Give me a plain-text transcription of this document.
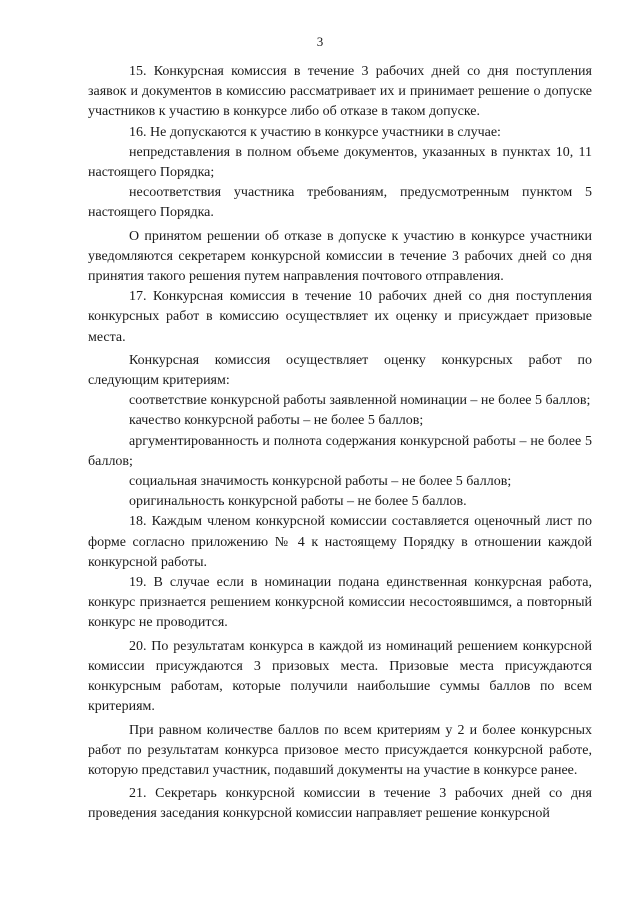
3

15. Конкурсная комиссия в течение 3 рабочих дней со дня поступления заявок и документов в комиссию рассматривает их и принимает решение о допуске участников к участию в конкурсе либо об отказе в таком допуске.

16. Не допускаются к участию в конкурсе участники в случае:

непредставления в полном объеме документов, указанных в пунктах 10, 11 настоящего Порядка;

несоответствия участника требованиям, предусмотренным пунктом 5 настоящего Порядка.

О принятом решении об отказе в допуске к участию в конкурсе участники уведомляются секретарем конкурсной комиссии в течение 3 рабочих дней со дня принятия такого решения путем направления почтового отправления.

17. Конкурсная комиссия в течение 10 рабочих дней со дня поступления конкурсных работ в комиссию осуществляет их оценку и присуждает призовые места.

Конкурсная комиссия осуществляет оценку конкурсных работ по следующим критериям:

соответствие конкурсной работы заявленной номинации – не более 5 баллов;

качество конкурсной работы – не более 5 баллов;

аргументированность и полнота содержания конкурсной работы – не более 5 баллов;

социальная значимость конкурсной работы – не более 5 баллов;

оригинальность конкурсной работы – не более 5 баллов.

18. Каждым членом конкурсной комиссии составляется оценочный лист по форме согласно приложению № 4 к настоящему Порядку в отношении каждой конкурсной работы.

19. В случае если в номинации подана единственная конкурсная работа, конкурс признается решением конкурсной комиссии несостоявшимся, а повторный конкурс не проводится.

20. По результатам конкурса в каждой из номинаций решением конкурсной комиссии присуждаются 3 призовых места. Призовые места присуждаются конкурсным работам, которые получили наибольшие суммы баллов по всем критериям.

При равном количестве баллов по всем критериям у 2 и более конкурсных работ по результатам конкурса призовое место присуждается конкурсной работе, которую представил участник, подавший документы на участие в конкурсе ранее.

21. Секретарь конкурсной комиссии в течение 3 рабочих дней со дня проведения заседания конкурсной комиссии направляет решение конкурсной
